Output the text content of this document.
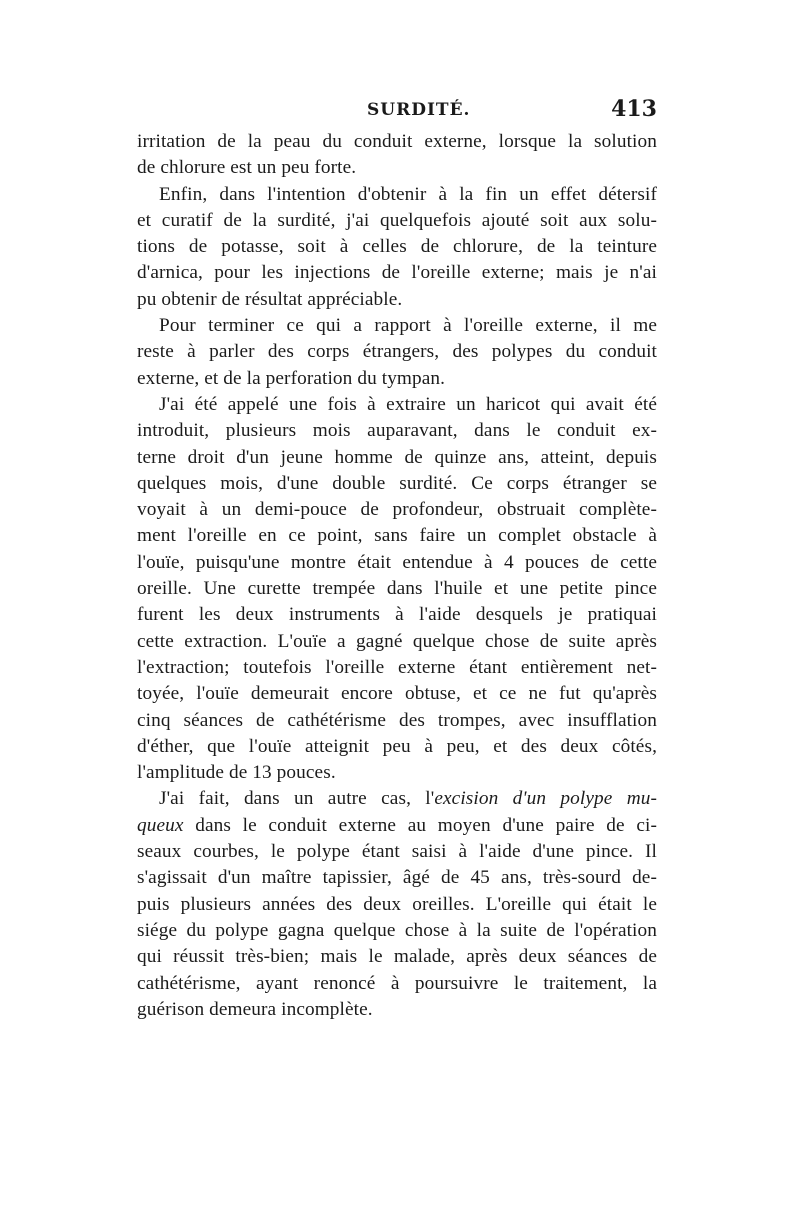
SURDITÉ.	413
irritation de la peau du conduit externe, lorsque la solution
de chlorure est un peu forte.
Enfin, dans l'intention d'obtenir à la fin un effet détersif
et curatif de la surdité, j'ai quelquefois ajouté soit aux solu-
tions de potasse, soit à celles de chlorure, de la teinture
d'arnica, pour les injections de l'oreille externe; mais je n'ai
pu obtenir de résultat appréciable.
Pour terminer ce qui a rapport à l'oreille externe, il me
reste à parler des corps étrangers, des polypes du conduit
externe, et de la perforation du tympan.
J'ai été appelé une fois à extraire un haricot qui avait été
introduit, plusieurs mois auparavant, dans le conduit ex-
terne droit d'un jeune homme de quinze ans, atteint, depuis
quelques mois, d'une double surdité. Ce corps étranger se
voyait à un demi-pouce de profondeur, obstruait complète-
ment l'oreille en ce point, sans faire un complet obstacle à
l'ouïe, puisqu'une montre était entendue à 4 pouces de cette
oreille. Une curette trempée dans l'huile et une petite pince
furent les deux instruments à l'aide desquels je pratiquai
cette extraction. L'ouïe a gagné quelque chose de suite après
l'extraction; toutefois l'oreille externe étant entièrement net-
toyée, l'ouïe demeurait encore obtuse, et ce ne fut qu'après
cinq séances de cathétérisme des trompes, avec insufflation
d'éther, que l'ouïe atteignit peu à peu, et des deux côtés,
l'amplitude de 13 pouces.
J'ai fait, dans un autre cas, l'excision d'un polype mu-
queux dans le conduit externe au moyen d'une paire de ci-
seaux courbes, le polype étant saisi à l'aide d'une pince. Il
s'agissait d'un maître tapissier, âgé de 45 ans, très-sourd de-
puis plusieurs années des deux oreilles. L'oreille qui était le
siége du polype gagna quelque chose à la suite de l'opération
qui réussit très-bien; mais le malade, après deux séances de
cathétérisme, ayant renoncé à poursuivre le traitement, la
guérison demeura incomplète.
